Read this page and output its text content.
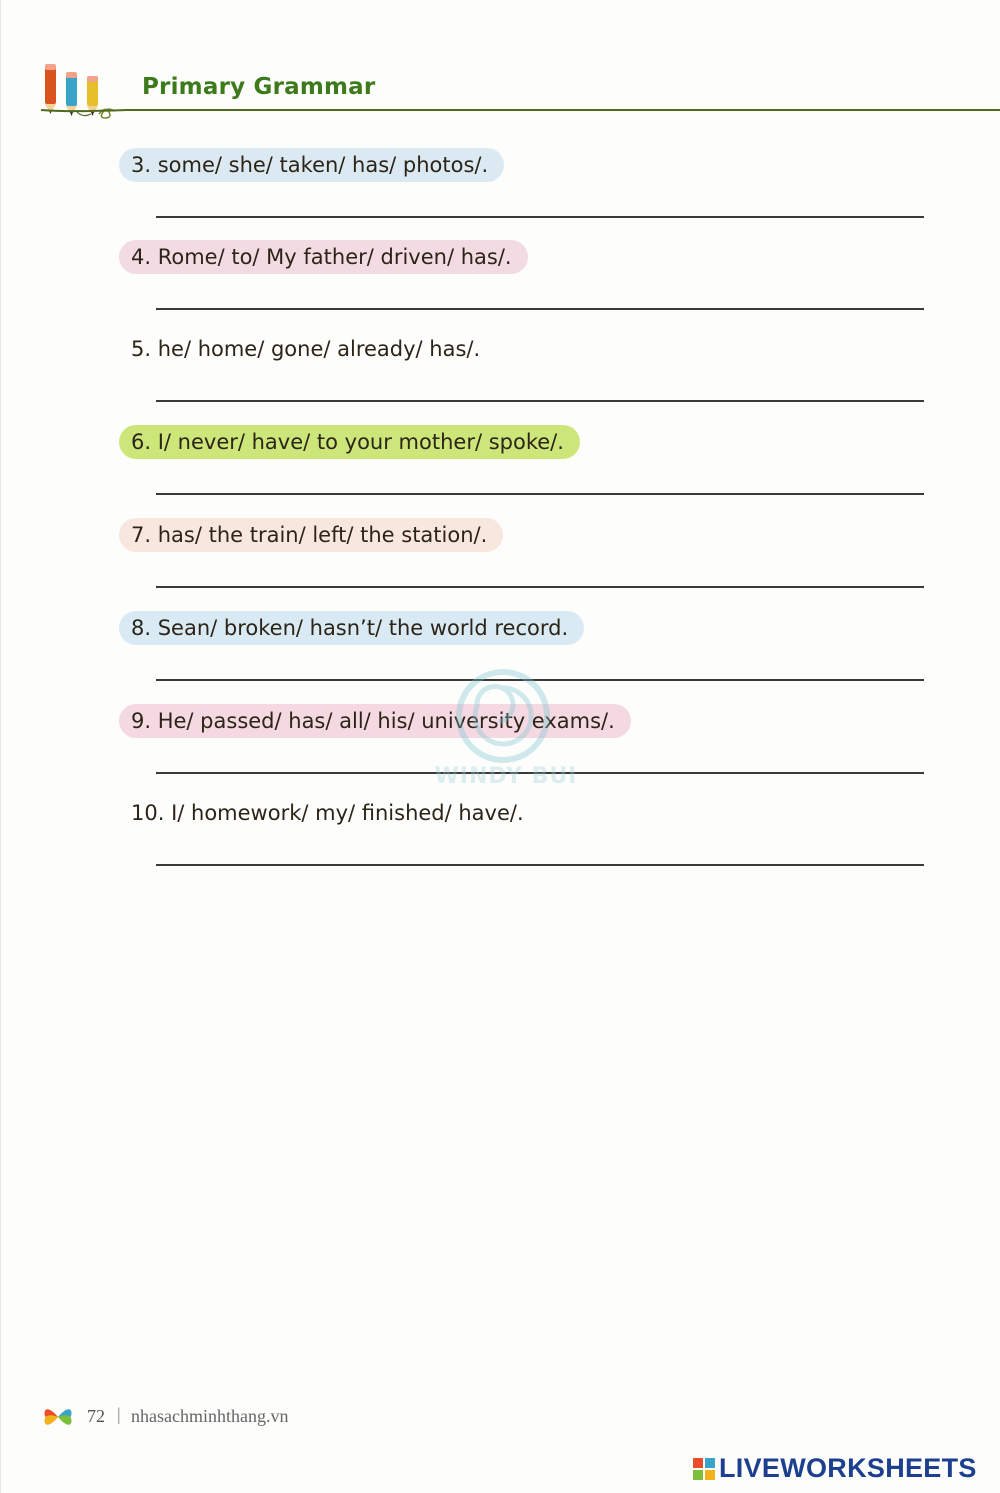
Primary Grammar
3. some/ she/ taken/ has/ photos/.
4. Rome/ to/ My father/ driven/ has/.
5. he/ home/ gone/ already/ has/.
6. I/ never/ have/ to your mother/ spoke/.
7. has/ the train/ left/ the station/.
8. Sean/ broken/ hasn’t/ the world record.
9. He/ passed/ has/ all/ his/ university exams/.
10. I/ homework/ my/ finished/ have/.
WINDY BUI
72 | nhasachminhthang.vn
LIVEWORKSHEETS
